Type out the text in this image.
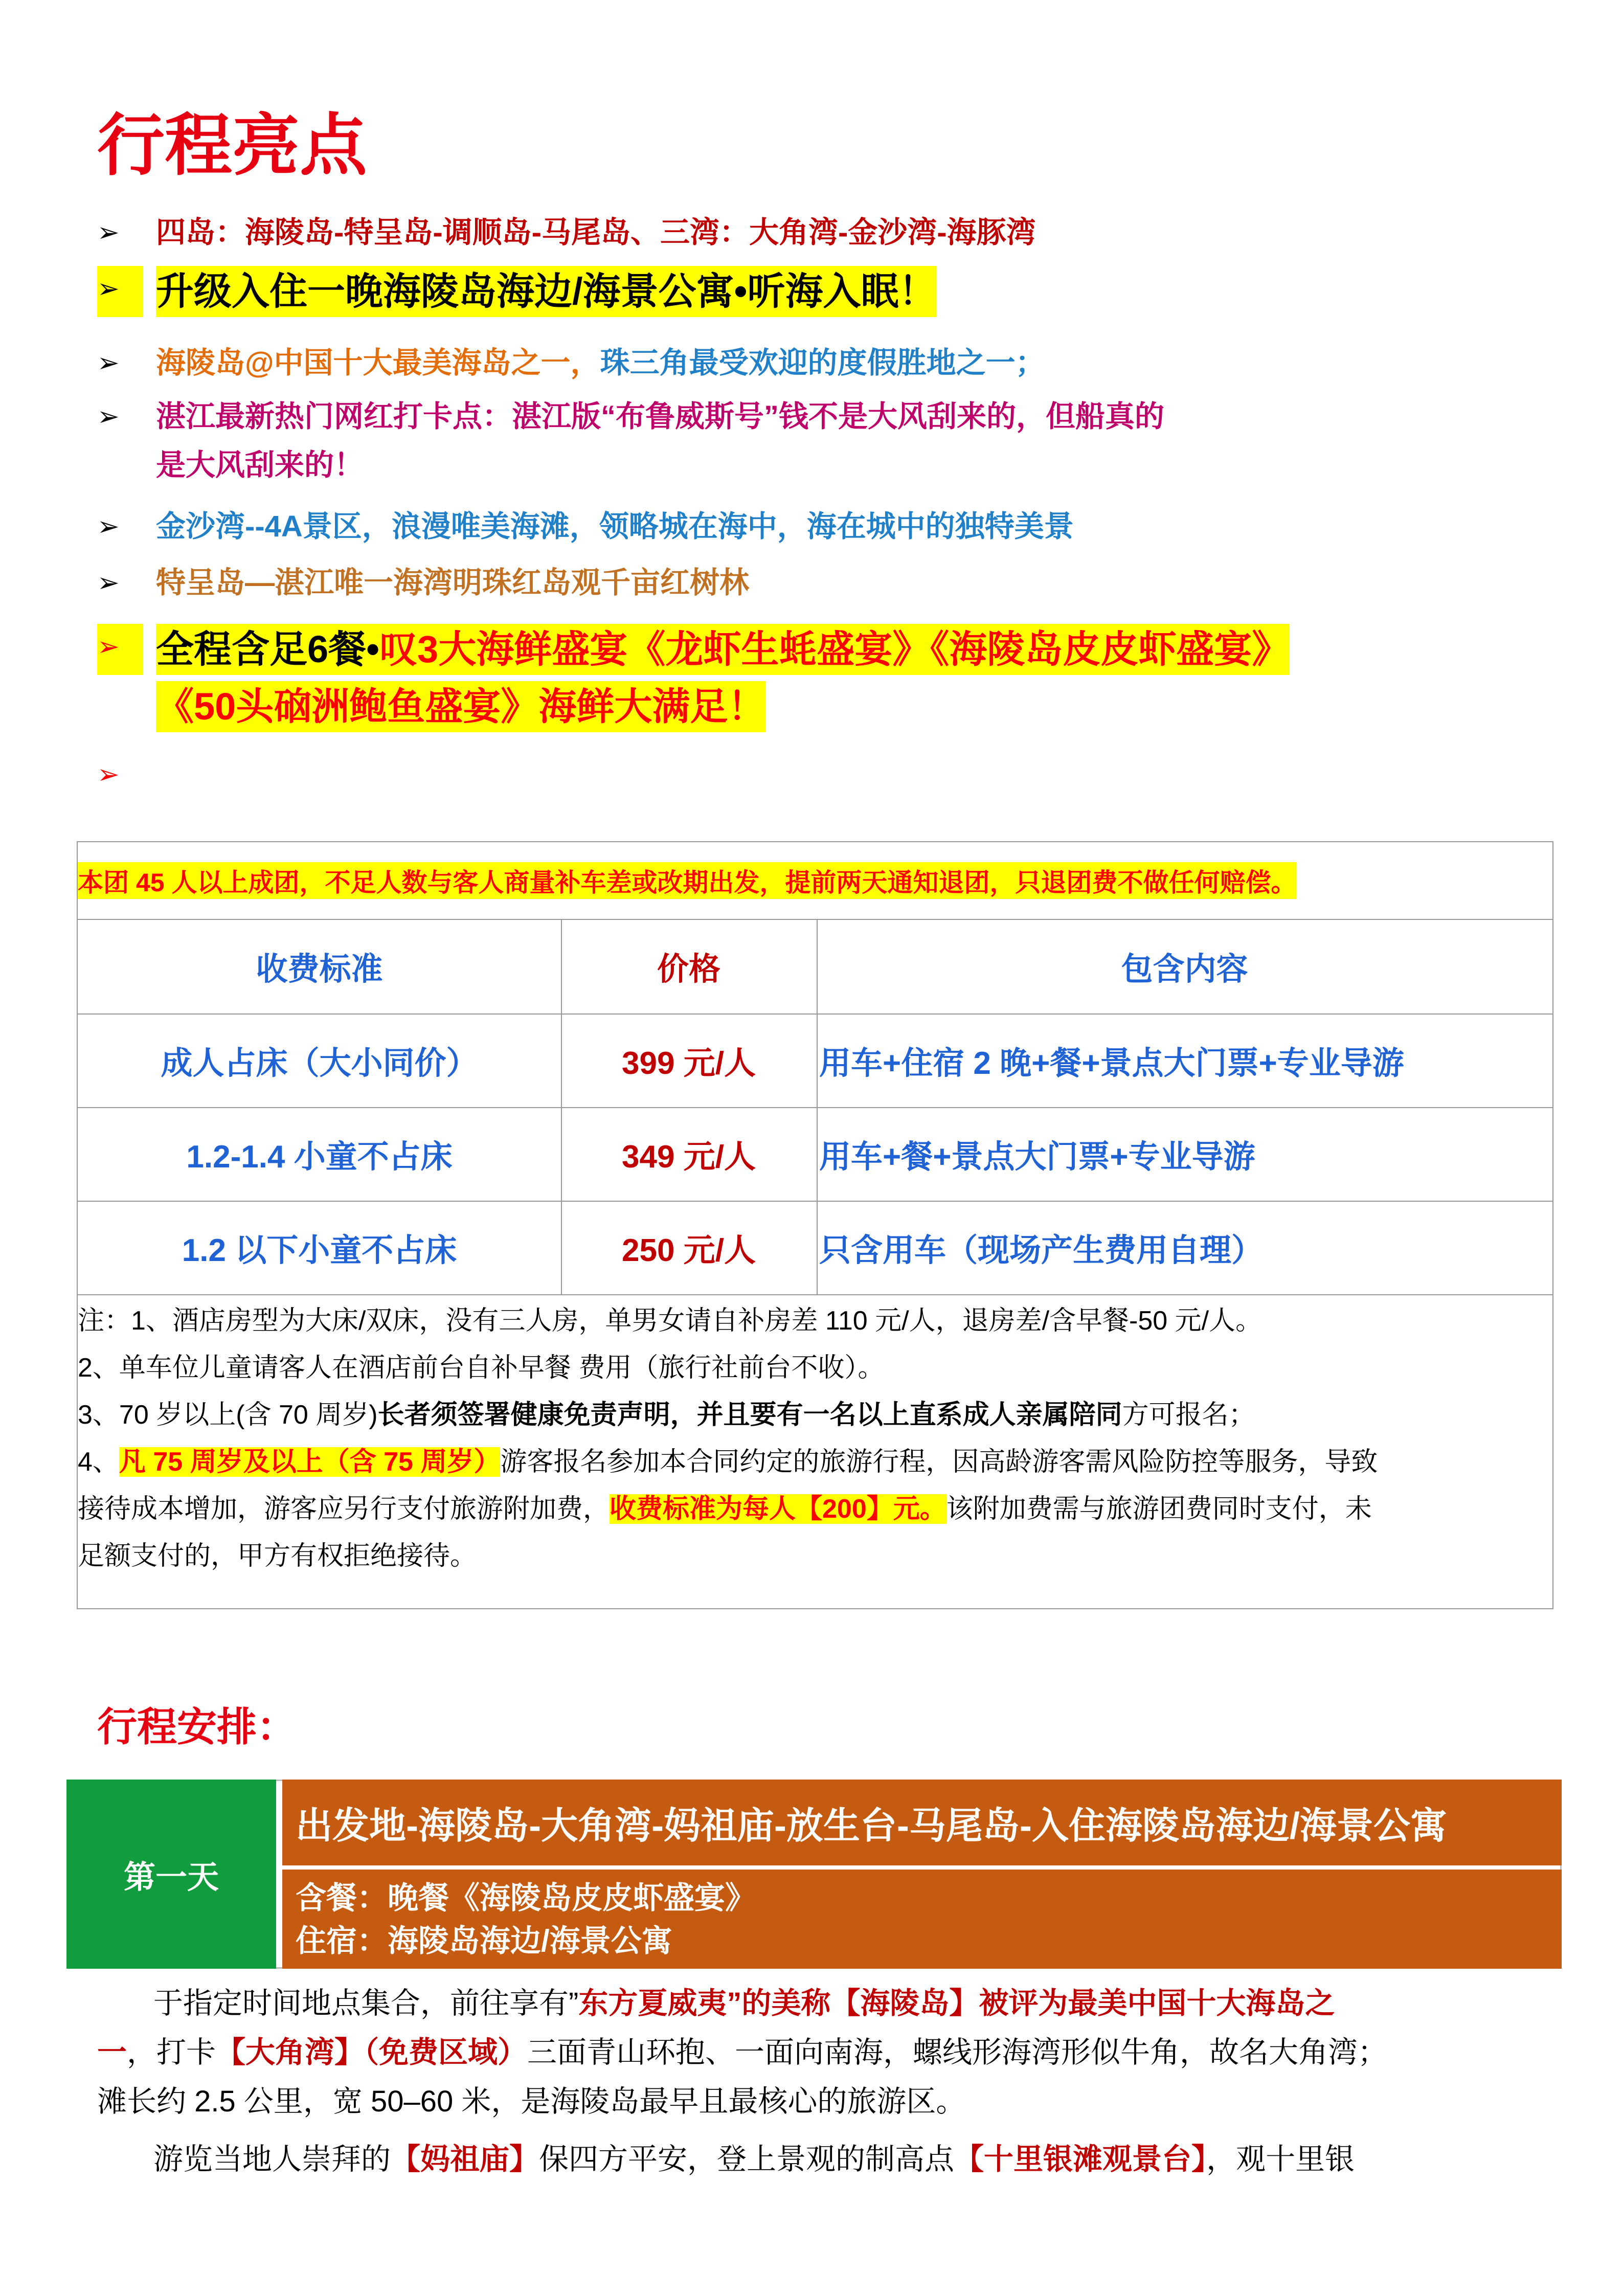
行程亮点
➢	四岛：海陵岛-特呈岛-调顺岛-马尾岛、三湾：大角湾-金沙湾-海豚湾
➢ 升级入住一晚海陵岛海边/海景公寓•听海入眠！
➢	海陵岛@中国十大最美海岛之一，珠三角最受欢迎的度假胜地之一；
➢	湛江最新热门网红打卡点：湛江版“布鲁威斯号”钱不是大风刮来的，但船真的
是大风刮来的！
➢	金沙湾--4A景区，浪漫唯美海滩，领略城在海中，海在城中的独特美景
➢	特呈岛—湛江唯一海湾明珠红岛观千亩红树林
➢ 全程含足6餐•叹3大海鲜盛宴《龙虾生蚝盛宴》《海陵岛皮皮虾盛宴》
《50头硇洲鲍鱼盛宴》海鲜大满足！
➢
本团 45 人以上成团，不足人数与客人商量补车差或改期出发，提前两天通知退团，只退团费不做任何赔偿。
收费标准	价格	包含内容
成人占床（大小同价）	399 元/人	用车+住宿 2 晚+餐+景点大门票+专业导游
1.2-1.4 小童不占床	349 元/人	用车+餐+景点大门票+专业导游
1.2 以下小童不占床	250 元/人	只含用车（现场产生费用自理）
注：1、酒店房型为大床/双床，没有三人房，单男女请自补房差 110 元/人，退房差/含早餐-50 元/人。
2、单车位儿童请客人在酒店前台自补早餐 费用（旅行社前台不收）。
3、70 岁以上(含 70 周岁)长者须签署健康免责声明，并且要有一名以上直系成人亲属陪同方可报名；
4、凡 75 周岁及以上（含 75 周岁）游客报名参加本合同约定的旅游行程，因高龄游客需风险防控等服务，导致
接待成本增加，游客应另行支付旅游附加费，收费标准为每人【200】元。该附加费需与旅游团费同时支付，未
足额支付的，甲方有权拒绝接待。
行程安排：
第一天
出发地-海陵岛-大角湾-妈祖庙-放生台-马尾岛-入住海陵岛海边/海景公寓
含餐：晚餐《海陵岛皮皮虾盛宴》
住宿：海陵岛海边/海景公寓
于指定时间地点集合，前往享有”东方夏威夷”的美称【海陵岛】被评为最美中国十大海岛之
一，打卡【大角湾】（免费区域）三面青山环抱、一面向南海，螺线形海湾形似牛角，故名大角湾；
滩长约 2.5 公里，宽 50–60 米，是海陵岛最早且最核心的旅游区。
游览当地人崇拜的【妈祖庙】保四方平安，登上景观的制高点【十里银滩观景台】，观十里银
